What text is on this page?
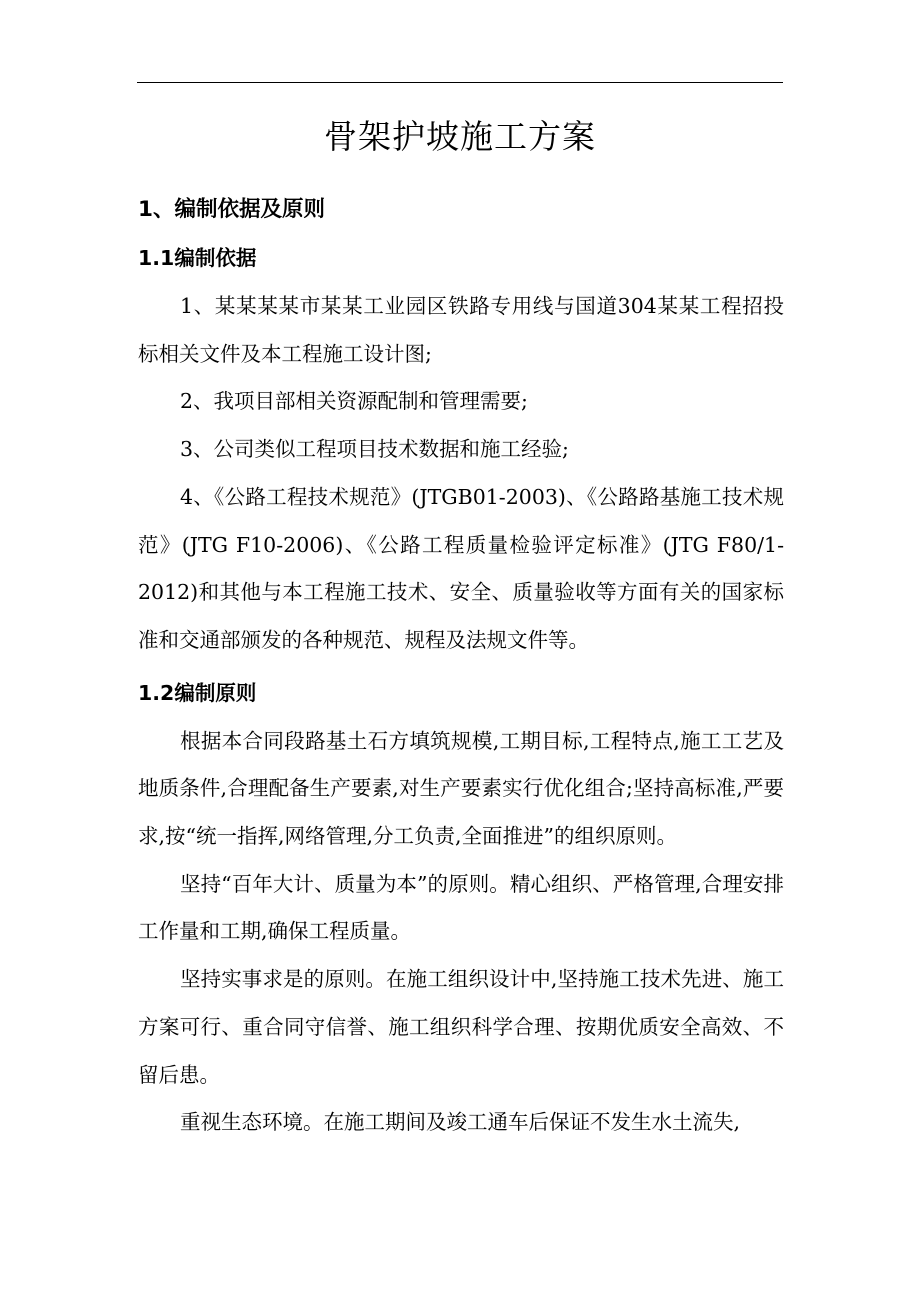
骨架护坡施工方案
1、编制依据及原则
1.1编制依据

1、某某某某市某某工业园区铁路专用线与国道304某某工程招投标相关文件及本工程施工设计图;

2、我项目部相关资源配制和管理需要;

3、公司类似工程项目技术数据和施工经验;

4、《公路工程技术规范》(JTGB01-2003)、《公路路基施工技术规范》(JTG F10-2006)、《公路工程质量检验评定标准》(JTG F80/1-2012)和其他与本工程施工技术、安全、质量验收等方面有关的国家标准和交通部颁发的各种规范、规程及法规文件等。

1.2编制原则

根据本合同段路基土石方填筑规模,工期目标,工程特点,施工工艺及地质条件,合理配备生产要素,对生产要素实行优化组合;坚持高标准,严要求,按“统一指挥,网络管理,分工负责,全面推进”的组织原则。

坚持“百年大计、质量为本”的原则。精心组织、严格管理,合理安排工作量和工期,确保工程质量。

坚持实事求是的原则。在施工组织设计中,坚持施工技术先进、施工方案可行、重合同守信誉、施工组织科学合理、按期优质安全高效、不留后患。

重视生态环境。在施工期间及竣工通车后保证不发生水土流失,
